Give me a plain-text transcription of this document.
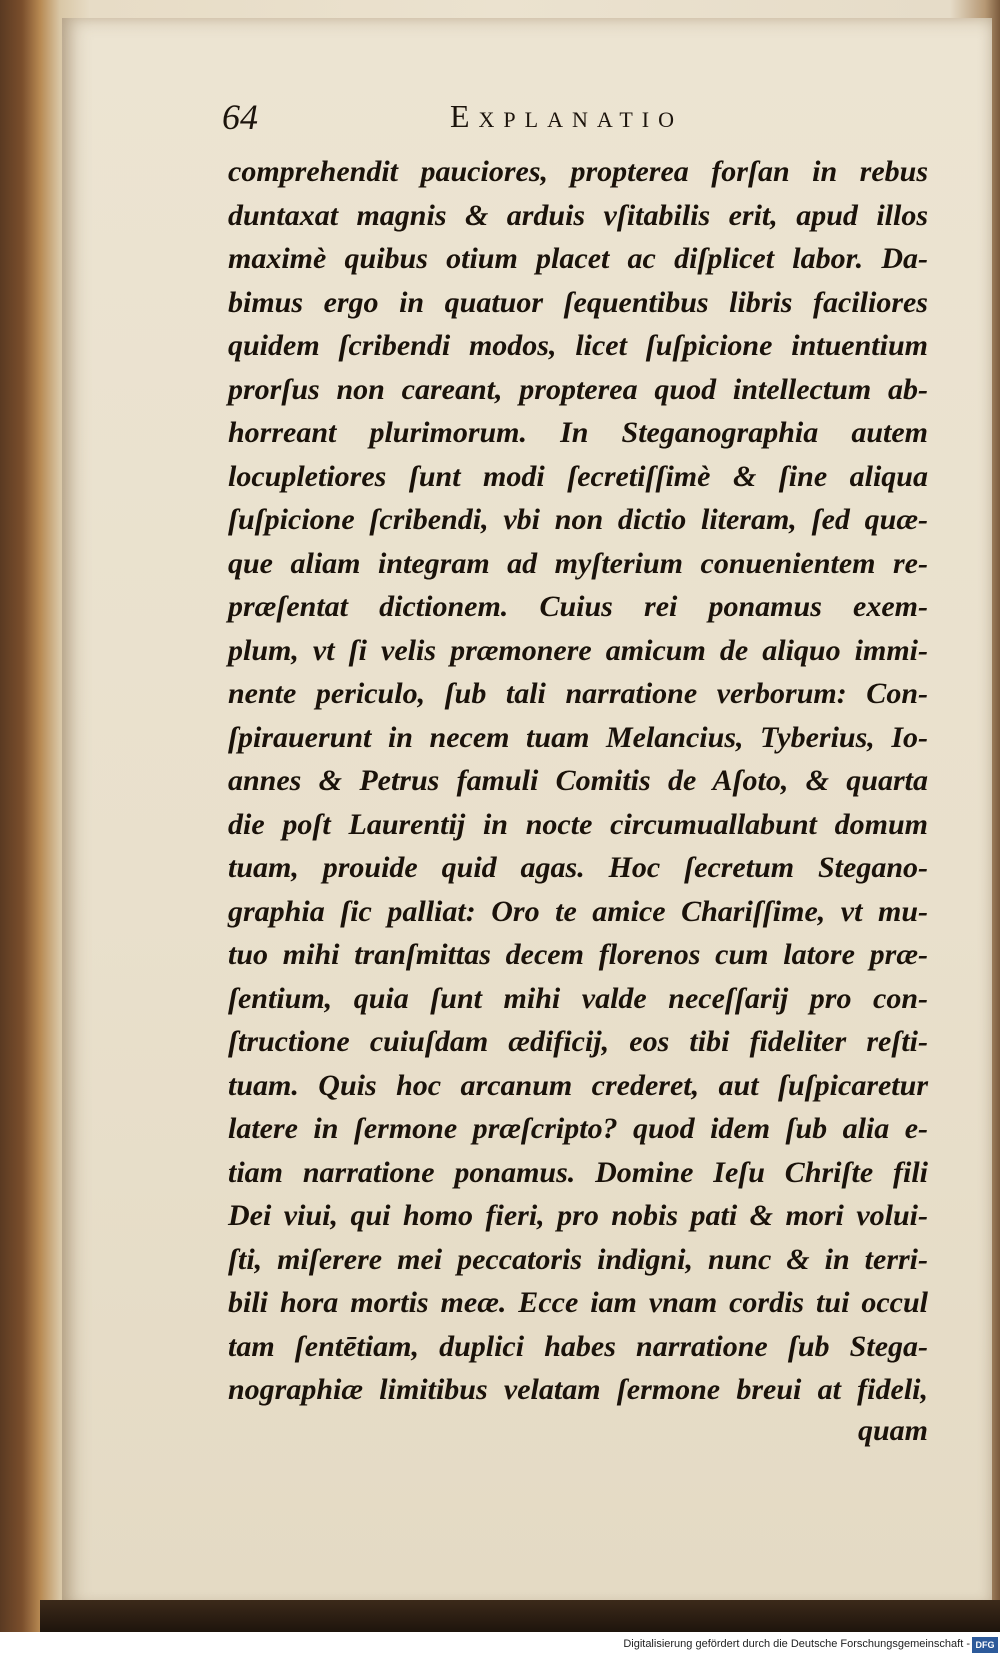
64	Explanatio
comprehendit pauciores, propterea forſan in rebus
duntaxat magnis & arduis vſitabilis erit, apud illos
maximè quibus otium placet ac diſplicet labor. Da-
bimus ergo in quatuor ſequentibus libris faciliores
quidem ſcribendi modos, licet ſuſpicione intuentium
prorſus non careant, propterea quod intellectum ab-
horreant plurimorum. In Steganographia autem
locupletiores ſunt modi ſecretiſſimè & ſine aliqua
ſuſpicione ſcribendi, vbi non dictio literam, ſed quæ-
que aliam integram ad myſterium conuenientem re-
præſentat dictionem. Cuius rei ponamus exem-
plum, vt ſi velis præmonere amicum de aliquo immi-
nente periculo, ſub tali narratione verborum: Con-
ſpirauerunt in necem tuam Melancius, Tyberius, Io-
annes & Petrus famuli Comitis de Aſoto, & quarta
die poſt Laurentij in nocte circumuallabunt domum
tuam, prouide quid agas. Hoc ſecretum Stegano-
graphia ſic palliat: Oro te amice Chariſſime, vt mu-
tuo mihi tranſmittas decem florenos cum latore præ-
ſentium, quia ſunt mihi valde neceſſarij pro con-
ſtructione cuiuſdam ædificij, eos tibi fideliter reſti-
tuam. Quis hoc arcanum crederet, aut ſuſpicaretur
latere in ſermone præſcripto? quod idem ſub alia e-
tiam narratione ponamus. Domine Ieſu Chriſte fili
Dei viui, qui homo fieri, pro nobis pati & mori volui-
ſti, miſerere mei peccatoris indigni, nunc & in terri-
bili hora mortis meæ. Ecce iam vnam cordis tui occul
tam ſentētiam, duplici habes narratione ſub Stega-
nographiæ limitibus velatam ſermone breui at fideli,
quam
Digitalisierung gefördert durch die Deutsche Forschungsgemeinschaft - DFG
